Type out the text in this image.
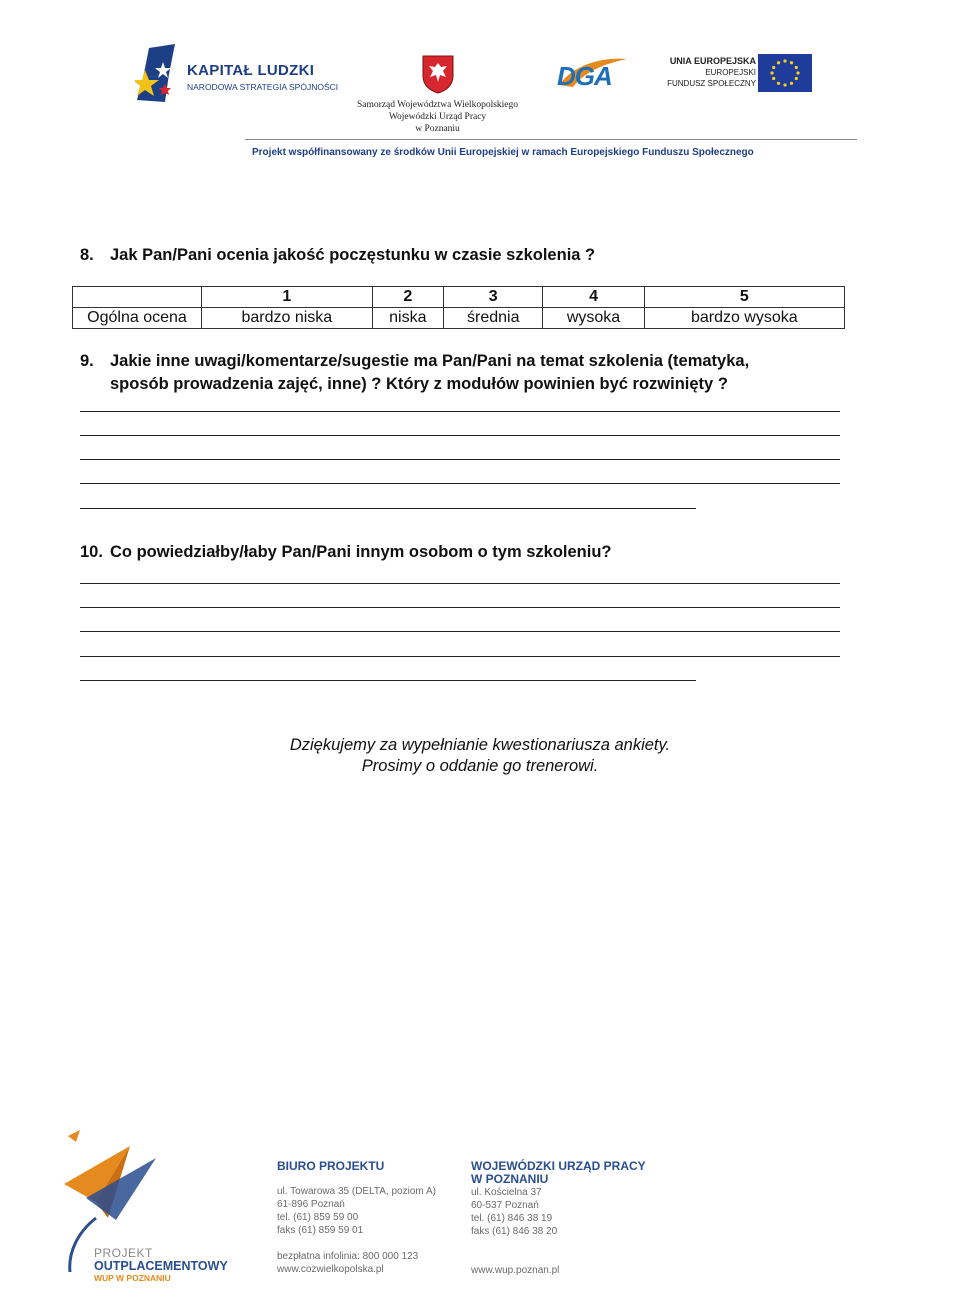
KAPITAŁ LUDZKI
NARODOWA STRATEGIA SPÓJNOŚCI
Samorząd Województwa Wielkopolskiego
Wojewódzki Urząd Pracy
w Poznaniu
DGA	UNIA EUROPEJSKA
EUROPEJSKI
FUNDUSZ SPOŁECZNY
Projekt współfinansowany ze środków Unii Europejskiej w ramach Europejskiego Funduszu Społecznego
8. Jak Pan/Pani ocenia jakość poczęstunku w czasie szkolenia ?
	1	2	3	4	5
Ogólna ocena	bardzo niska	niska	średnia	wysoka	bardzo wysoka
9. Jakie inne uwagi/komentarze/sugestie ma Pan/Pani na temat szkolenia (tematyka,
sposób prowadzenia zajęć, inne) ? Który z modułów powinien być rozwinięty ?
10. Co powiedziałby/łaby Pan/Pani innym osobom o tym szkoleniu?
Dziękujemy za wypełnianie kwestionariusza ankiety.
Prosimy o oddanie go trenerowi.
PROJEKT
OUTPLACEMENTOWY
WUP W POZNANIU
BIURO PROJEKTU
ul. Towarowa 35 (DELTA, poziom A)
61-896 Poznań
tel. (61) 859 59 00
faks (61) 859 59 01
bezpłatna infolinia: 800 000 123
www.cozwielkopolska.pl
WOJEWÓDZKI URZĄD PRACY
W POZNANIU
ul. Kościelna 37
60-537 Poznań
tel. (61) 846 38 19
faks (61) 846 38 20
www.wup.poznan.pl
